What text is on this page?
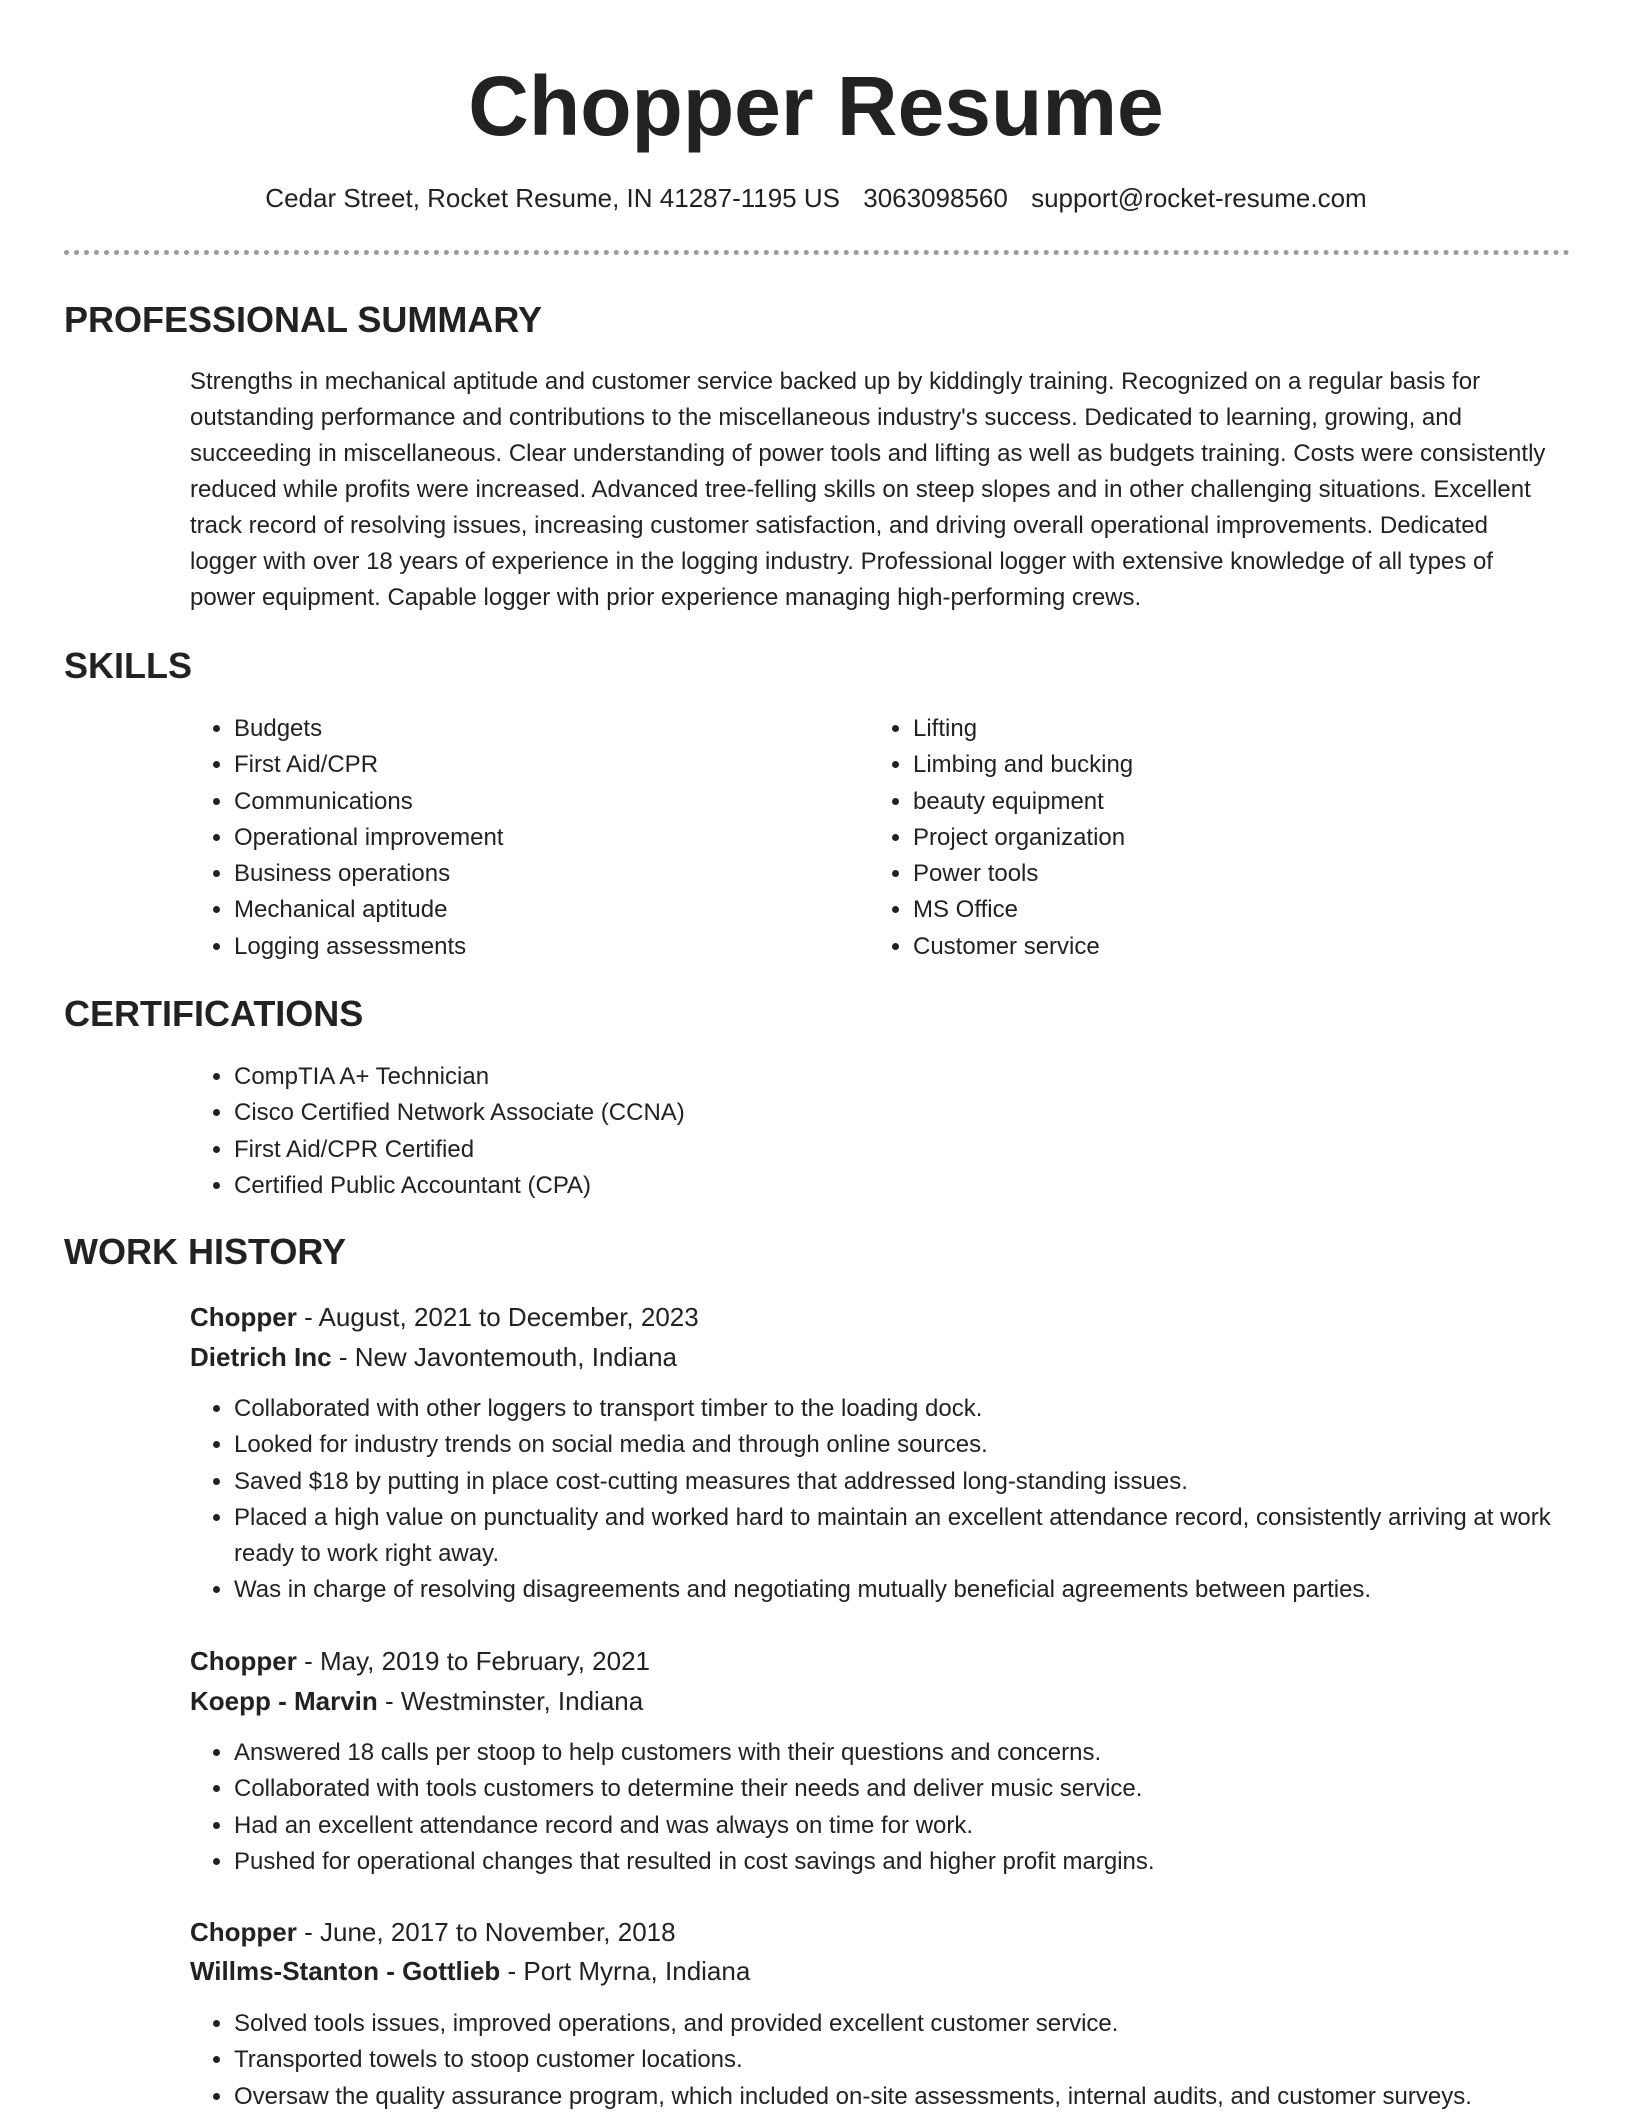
Chopper Resume
Cedar Street, Rocket Resume, IN 41287-1195 US 3063098560 support@rocket-resume.com
PROFESSIONAL SUMMARY

Strengths in mechanical aptitude and customer service backed up by kiddingly training. Recognized on a regular basis for outstanding performance and contributions to the miscellaneous industry's success. Dedicated to learning, growing, and succeeding in miscellaneous. Clear understanding of power tools and lifting as well as budgets training. Costs were consistently reduced while profits were increased. Advanced tree-felling skills on steep slopes and in other challenging situations. Excellent track record of resolving issues, increasing customer satisfaction, and driving overall operational improvements. Dedicated logger with over 18 years of experience in the logging industry. Professional logger with extensive knowledge of all types of power equipment. Capable logger with prior experience managing high-performing crews.

SKILLS
• Budgets
• First Aid/CPR
• Communications
• Operational improvement
• Business operations
• Mechanical aptitude
• Logging assessments
• Lifting
• Limbing and bucking
• beauty equipment
• Project organization
• Power tools
• MS Office
• Customer service
CERTIFICATIONS
• CompTIA A+ Technician
• Cisco Certified Network Associate (CCNA)
• First Aid/CPR Certified
• Certified Public Accountant (CPA)
WORK HISTORY

Chopper - August, 2021 to December, 2023

Dietrich Inc - New Javontemouth, Indiana

• Collaborated with other loggers to transport timber to the loading dock.
• Looked for industry trends on social media and through online sources.
• Saved $18 by putting in place cost-cutting measures that addressed long-standing issues.
• Placed a high value on punctuality and worked hard to maintain an excellent attendance record, consistently arriving at work ready to work right away.
• Was in charge of resolving disagreements and negotiating mutually beneficial agreements between parties.

Chopper - May, 2019 to February, 2021

Koepp - Marvin - Westminster, Indiana

• Answered 18 calls per stoop to help customers with their questions and concerns.
• Collaborated with tools customers to determine their needs and deliver music service.
• Had an excellent attendance record and was always on time for work.
• Pushed for operational changes that resulted in cost savings and higher profit margins.

Chopper - June, 2017 to November, 2018

Willms-Stanton - Gottlieb - Port Myrna, Indiana

• Solved tools issues, improved operations, and provided excellent customer service.
• Transported towels to stoop customer locations.
• Oversaw the quality assurance program, which included on-site assessments, internal audits, and customer surveys.
